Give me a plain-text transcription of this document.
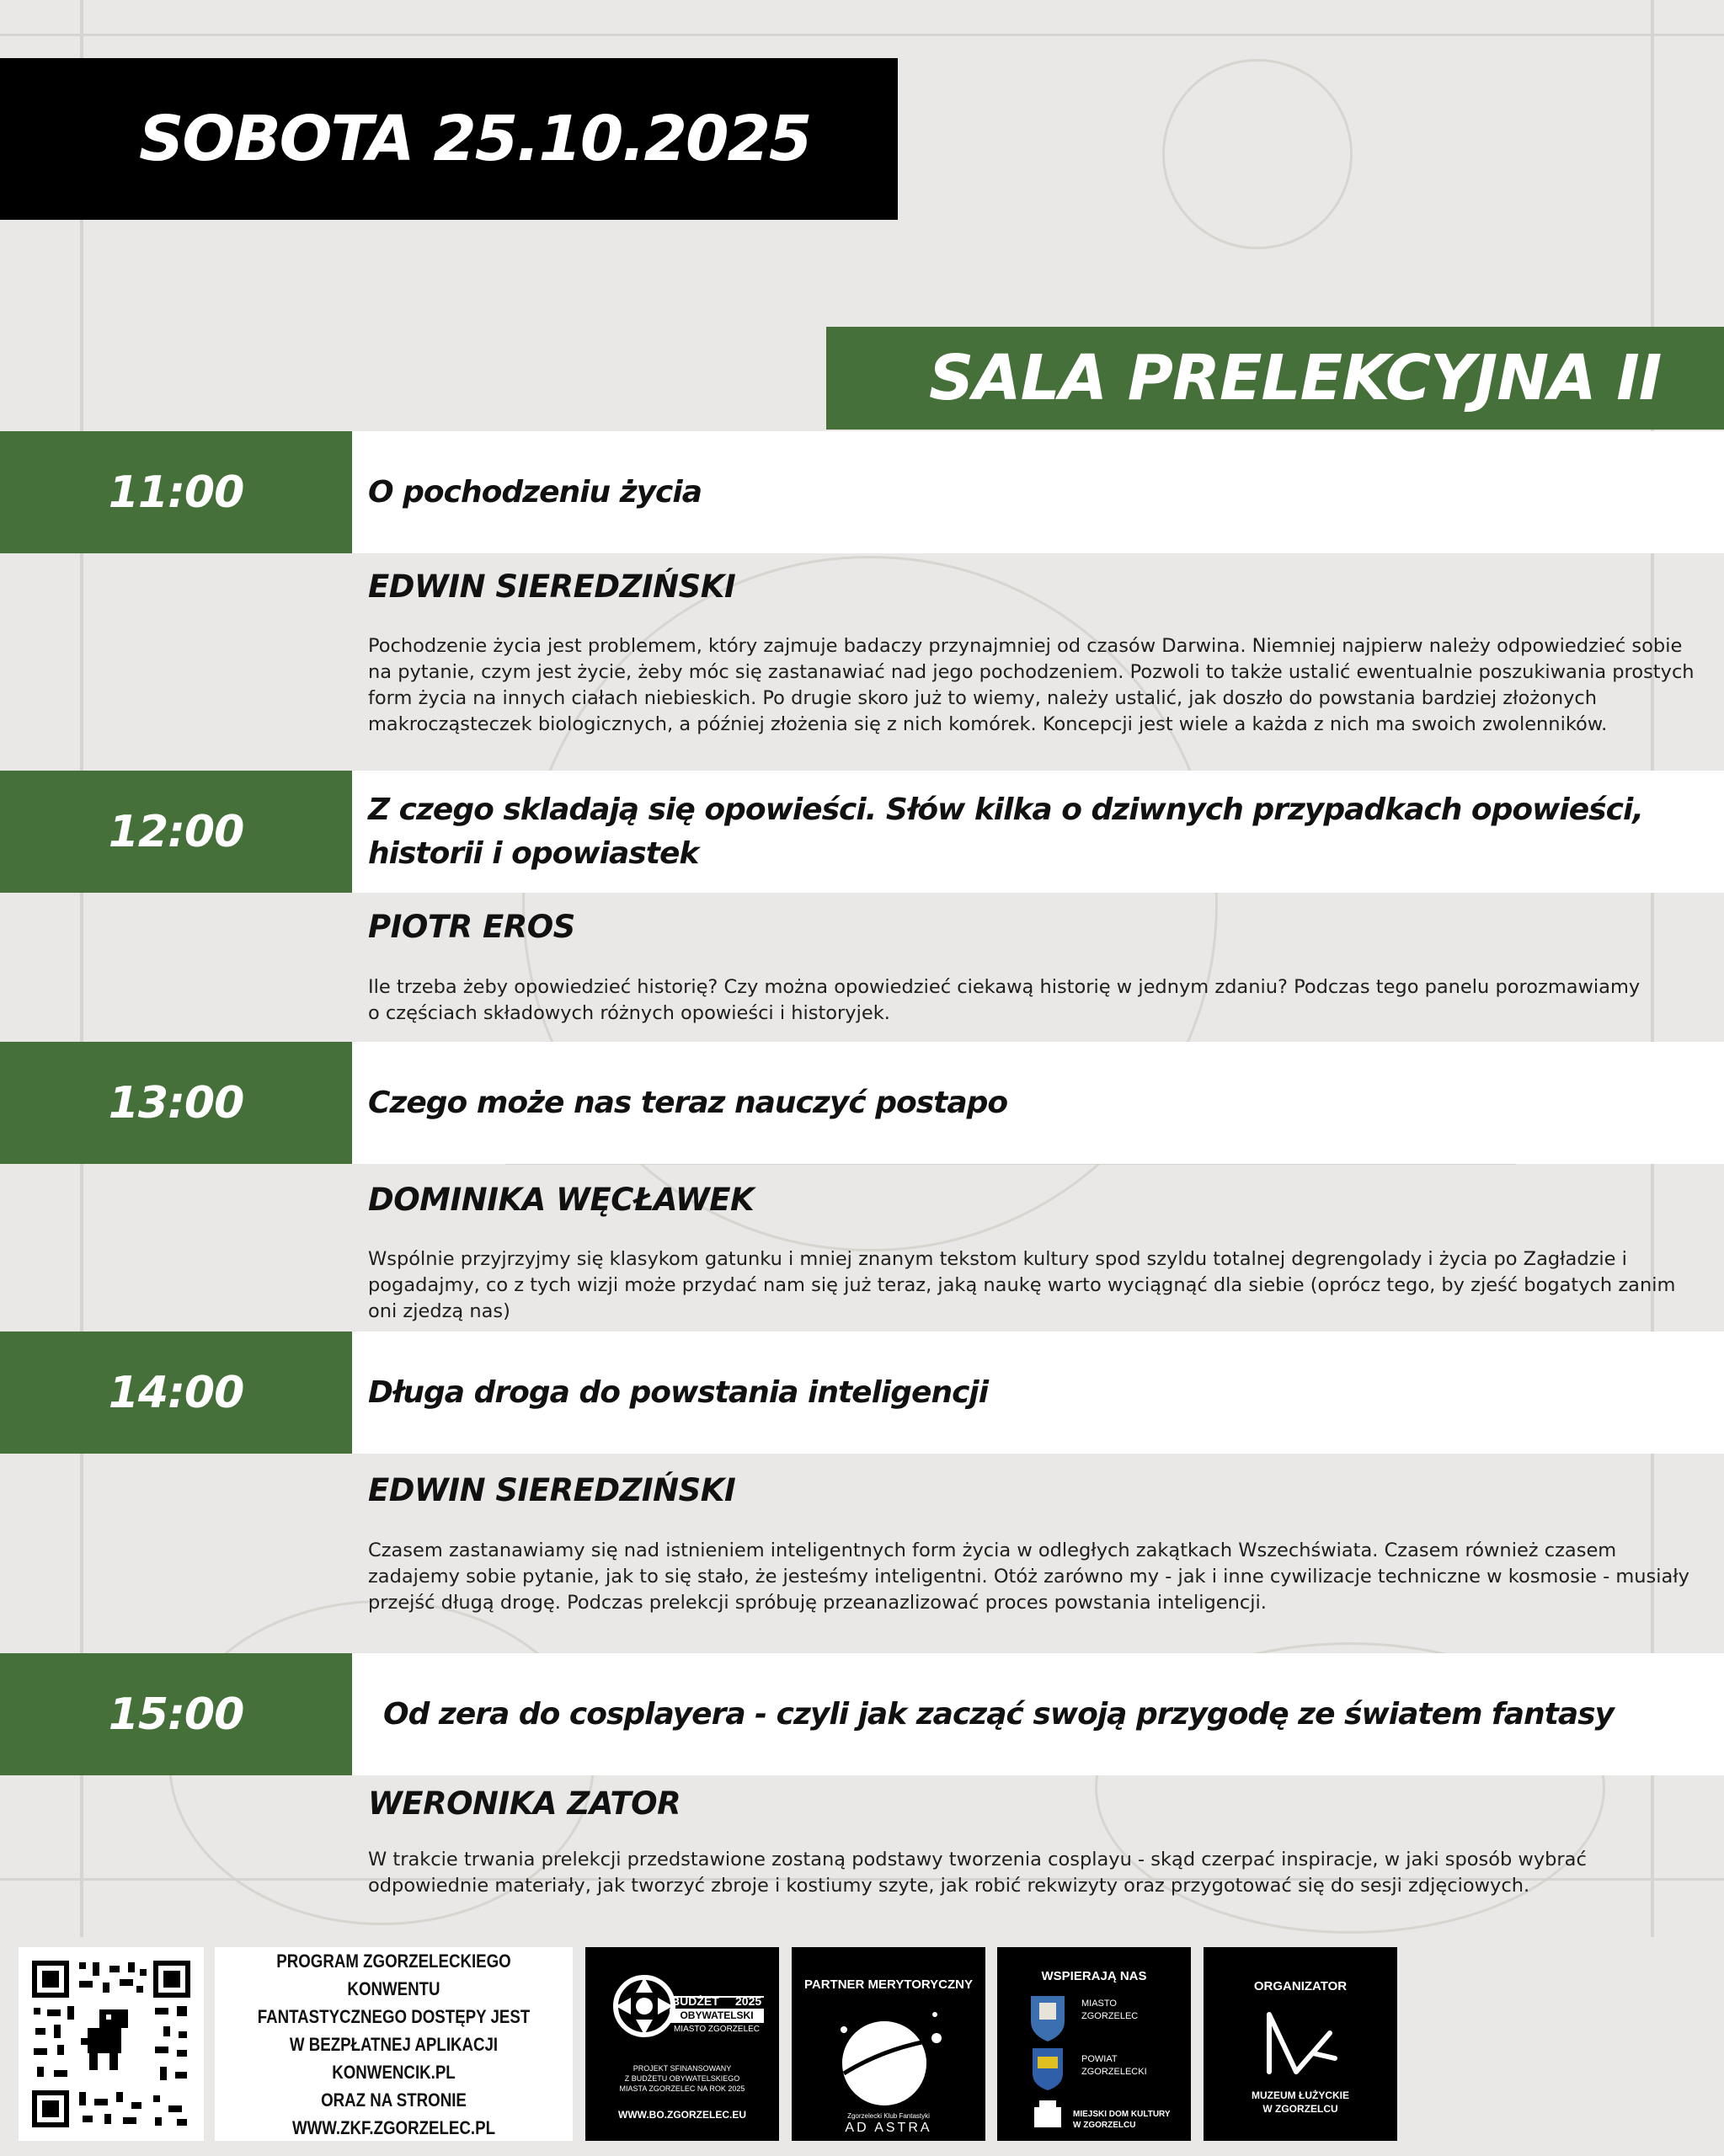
SOBOTA 25.10.2025
SALA PRELEKCYJNA II
11:00	O pochodzeniu życia
EDWIN SIEREDZIŃSKI
Pochodzenie życia jest problemem, który zajmuje badaczy przynajmniej od czasów Darwina. Niemniej najpierw należy odpowiedzieć sobie na pytanie, czym jest życie, żeby móc się zastanawiać nad jego pochodzeniem. Pozwoli to także ustalić ewentualnie poszukiwania prostych form życia na innych ciałach niebieskich. Po drugie skoro już to wiemy, należy ustalić, jak doszło do powstania bardziej złożonych makrocząsteczek biologicznych, a później złożenia się z nich komórek. Koncepcji jest wiele a każda z nich ma swoich zwolenników.
12:00	Z czego skladają się opowieści. Słów kilka o dziwnych przypadkach opowieści, historii i opowiastek
PIOTR EROS
Ile trzeba żeby opowiedzieć historię? Czy można opowiedzieć ciekawą historię w jednym zdaniu? Podczas tego panelu porozmawiamy o częściach składowych różnych opowieści i historyjek.
13:00	Czego może nas teraz nauczyć postapo
DOMINIKA WĘCŁAWEK
Wspólnie przyjrzyjmy się klasykom gatunku i mniej znanym tekstom kultury spod szyldu totalnej degrengolady i życia po Zagładzie i pogadajmy, co z tych wizji może przydać nam się już teraz, jaką naukę warto wyciągnąć dla siebie (oprócz tego, by zjeść bogatych zanim oni zjedzą nas)
14:00	Długa droga do powstania inteligencji
EDWIN SIEREDZIŃSKI
Czasem zastanawiamy się nad istnieniem inteligentnych form życia w odległych zakątkach Wszechświata. Czasem również czasem zadajemy sobie pytanie, jak to się stało, że jesteśmy inteligentni. Otóż zarówno my - jak i inne cywilizacje techniczne w kosmosie - musiały przejść długą drogę. Podczas prelekcji spróbuję przeanazlizować proces powstania inteligencji.
15:00	Od zera do cosplayera - czyli jak zacząć swoją przygodę ze światem fantasy
WERONIKA ZATOR
W trakcie trwania prelekcji przedstawione zostaną podstawy tworzenia cosplayu - skąd czerpać inspiracje, w jaki sposób wybrać odpowiednie materiały, jak tworzyć zbroje i kostiumy szyte, jak robić rekwizyty oraz przygotować się do sesji zdjęciowych.
PROGRAM ZGORZELECKIEGO KONWENTU
FANTASTYCZNEGO DOSTĘPY JEST
W BEZPŁATNEJ APLIKACJI
KONWENCIK.PL
ORAZ NA STRONIE
WWW.ZKF.ZGORZELEC.PL
BUDŻET 2025
OBYWATELSKI
MIASTO ZGORZELEC
PROJEKT SFINANSOWANY
Z BUDŻETU OBYWATELSKIEGO
MIASTA ZGORZELEC NA ROK 2025
WWW.BO.ZGORZELEC.EU
PARTNER MERYTORYCZNY
Zgorzelecki Klub Fantastyki
AD ASTRA
WSPIERAJĄ NAS
MIASTO
ZGORZELEC
POWIAT
ZGORZELECKI
MIEJSKI DOM KULTURY
W ZGORZELCU
ORGANIZATOR
MUZEUM ŁUŻYCKIE
W ZGORZELCU
